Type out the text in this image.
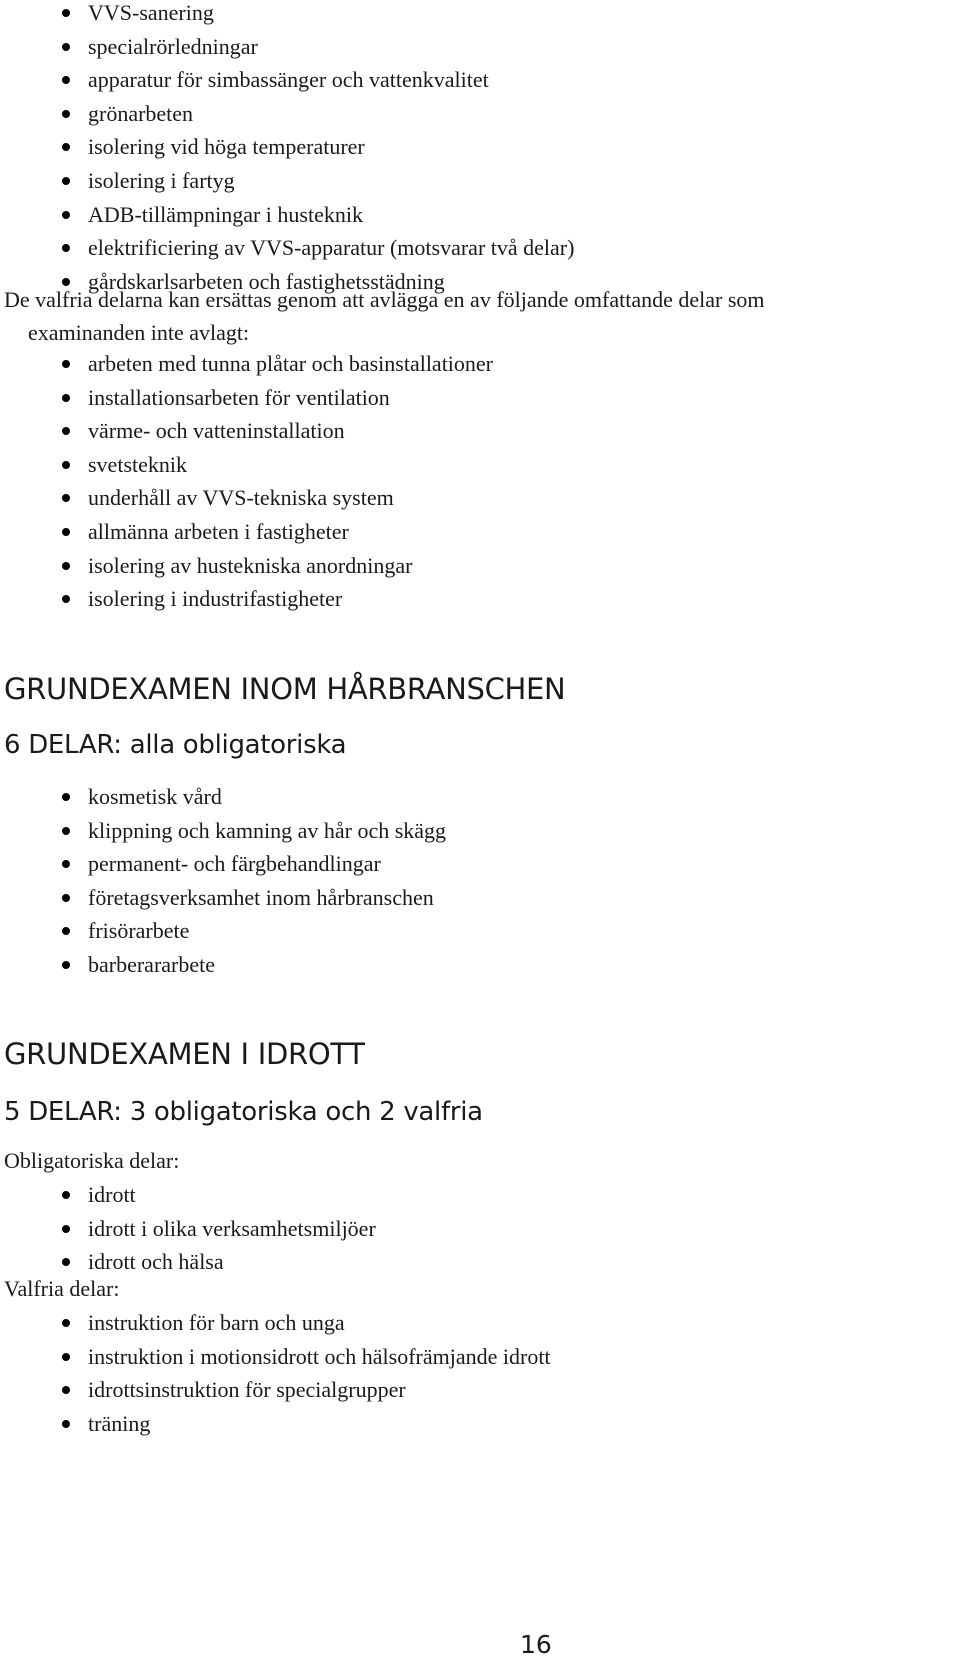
VVS-sanering
specialrörledningar
apparatur för simbassänger och vattenkvalitet
grönarbeten
isolering vid höga temperaturer
isolering i fartyg
ADB-tillämpningar i husteknik
elektrificiering av VVS-apparatur (motsvarar två delar)
gårdskarlsarbeten och fastighetsstädning
De valfria delarna kan ersättas genom att avlägga en av följande omfattande delar som
examinanden inte avlagt:
arbeten med tunna plåtar och basinstallationer
installationsarbeten för ventilation
värme- och vatteninstallation
svetsteknik
underhåll av VVS-tekniska system
allmänna arbeten i fastigheter
isolering av hustekniska anordningar
isolering i industrifastigheter
GRUNDEXAMEN INOM HÅRBRANSCHEN
6 DELAR: alla obligatoriska
kosmetisk vård
klippning och kamning av hår och skägg
permanent- och färgbehandlingar
företagsverksamhet inom hårbranschen
frisörarbete
barberararbete
GRUNDEXAMEN I IDROTT
5 DELAR: 3 obligatoriska och 2 valfria
Obligatoriska delar:
idrott
idrott i olika verksamhetsmiljöer
idrott och hälsa
Valfria delar:
instruktion för barn och unga
instruktion i motionsidrott och hälsofrämjande idrott
idrottsinstruktion för specialgrupper
träning
16
